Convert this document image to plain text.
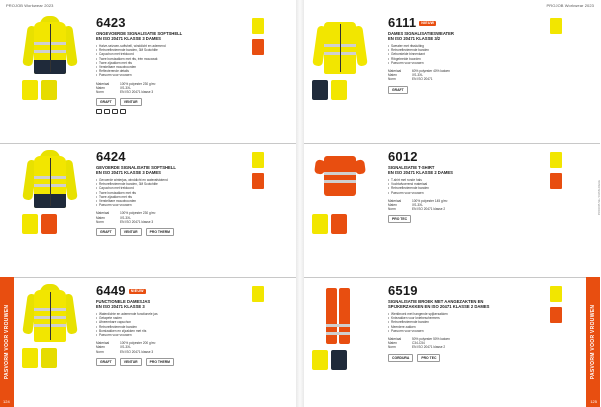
PROJOB Workwear 2023
6423
ONGEVOERDE SIGNALISATIE SOFTSHELL
EN ISO 20471 KLASSE 3 DAMES
• Halve-seizoen-softshell, winddicht en ademend
• Retroreflecterende banden, 3M Scotchlite
• Capuchon met trekkoord
• Twee borstzakken met rits, één mouwzak
• Twee zijzakken met rits
• Verstelbare mouwboorden
• Reflecterende details
• Pasvorm voor vrouwen
Materiaal	100% polyester 230 g/m²
Maten	XS-3XL
Norm	EN ISO 20471 klasse 3
GRAFT	VENTUR
6424
GEVOERDE SIGNALISATIE SOFTSHELL
EN ISO 20471 KLASSE 3 DAMES
• Gevoerde winterjas, winddicht en waterafstotend
• Retroreflecterende banden, 3M Scotchlite
• Capuchon met trekkoord
• Twee borstzakken met rits
• Twee zijzakken met rits
• Verstelbare mouwboorden
• Pasvorm voor vrouwen
Materiaal	100% polyester 230 g/m²
Maten	XS-3XL
Norm	EN ISO 20471 klasse 3
GRAFT	VENTUR	PRO THERM
6449 NIEUW
FUNCTIONELE DAMESJAS
EN ISO 20471 KLASSE 3
• Waterdichte en ademende functionele jas
• Getapete naden
• Afneembare capuchon
• Retroreflecterende banden
• Borstzakken en zijzakken met rits
• Pasvorm voor vrouwen
Materiaal	100% polyester 200 g/m²
Maten	XS-3XL
Norm	EN ISO 20471 klasse 3
GRAFT	VENTUR	PRO THERM
PASVORM VOOR VROUWEN
124
PROJOB Workwear 2023
6111 NIEUW
DAMES SIGNALISATIESWEATER
EN ISO 20471 KLASSE 3/2
• Sweater met ritssluiting
• Retroreflecterende banden
• Geborstelde binnenkant
• Ribgebreide boorden
• Pasvorm voor vrouwen
Materiaal	60% polyester 40% katoen
Maten	XS-3XL
Norm	EN ISO 20471
GRAFT
6012
SIGNALISATIE T-SHIRT
EN ISO 20471 KLASSE 2 DAMES
• T-shirt met ronde hals
• Vochtafvoerend materiaal
• Retroreflecterende banden
• Pasvorm voor vrouwen
Materiaal	100% polyester 145 g/m²
Maten	XS-3XL
Norm	EN ISO 20471 klasse 2
PRO TEC
6519
SIGNALISATIE BROEK MET AANGEZAKTEN EN
SPIJKERZAKKEN EN ISO 20471 KLASSE 2 DAMES
• Werkbroek met hangende spijkerzakken
• Kniezakken voor kniebeschermers
• Retroreflecterende banden
• Meerdere zakken
• Pasvorm voor vrouwen
Materiaal	50% polyester 50% katoen
Maten	C34-C54
Norm	EN ISO 20471 klasse 2
CORDURA	PRO TEC
PROJOB.SE / CATALOGUE
PASVORM VOOR VROUWEN
125
